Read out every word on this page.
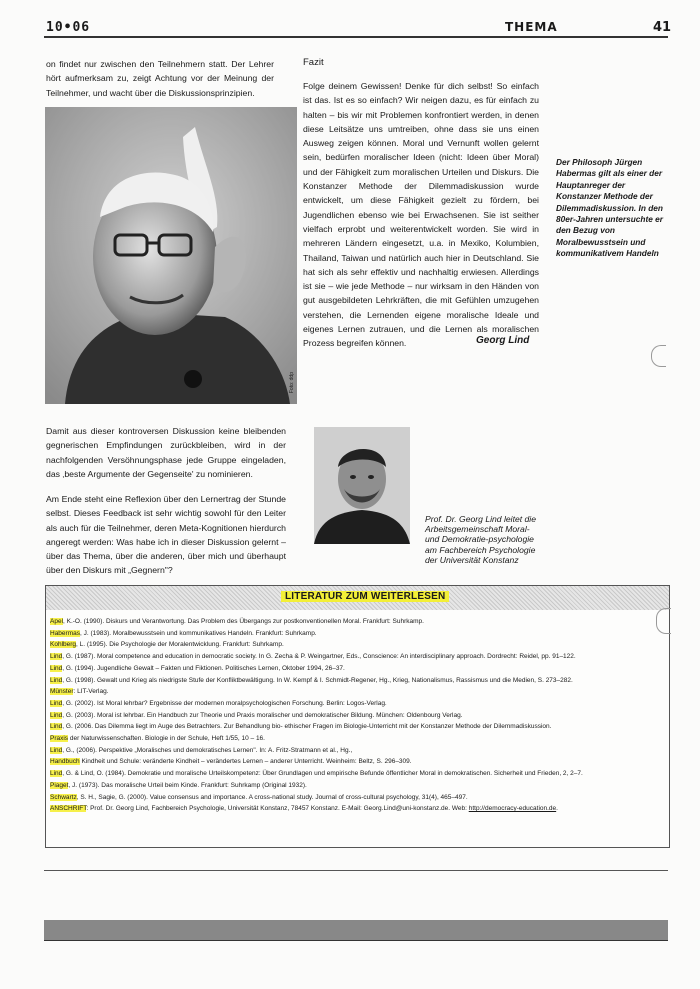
10•06	THEMA	41
on findet nur zwischen den Teilnehmern statt. Der Lehrer hört aufmerksam zu, zeigt Achtung vor der Meinung der Teilnehmer, und wacht über die Diskussionsprinzipien.
Foto: ddp
Fazit
Folge deinem Gewissen! Denke für dich selbst! So einfach ist das. Ist es so einfach? Wir neigen dazu, es für einfach zu halten – bis wir mit Problemen konfrontiert werden, in denen diese Leitsätze uns umtreiben, ohne dass sie uns einen Ausweg zeigen können. Moral und Vernunft wollen gelernt sein, bedürfen moralischer Ideen (nicht: Ideen über Moral) und der Fähigkeit zum moralischen Urteilen und Diskurs. Die Konstanzer Methode der Dilemmadiskussion wurde entwickelt, um diese Fähigkeit gezielt zu fördern, bei Jugendlichen ebenso wie bei Erwachsenen. Sie ist seither vielfach erprobt und weiterentwickelt worden. Sie wird in mehreren Ländern eingesetzt, u.a. in Mexiko, Kolumbien, Thailand, Taiwan und natürlich auch hier in Deutschland. Sie hat sich als sehr effektiv und nachhaltig erwiesen. Allerdings ist sie – wie jede Methode – nur wirksam in den Händen von gut ausgebildeten Lehrkräften, die mit Gefühlen umzugehen verstehen, die Lernenden eigene moralische Ideale und eigenes Lernen zutrauen, und die Lernen als moralischen Prozess begreifen können.	Georg Lind
Der Philosoph Jürgen Habermas gilt als einer der Hauptanreger der Konstanzer Methode der Dilemmadiskussion. In den 80er-Jahren untersuchte er den Bezug von Moralbewusstsein und kommunikativem Handeln
Damit aus dieser kontroversen Diskussion keine bleibenden gegnerischen Empfindungen zurückbleiben, wird in der nachfolgenden Versöhnungsphase jede Gruppe eingeladen, das ‚beste Argumente der Gegenseite' zu nominieren.
Am Ende steht eine Reflexion über den Lernertrag der Stunde selbst. Dieses Feedback ist sehr wichtig sowohl für den Leiter als auch für die Teilnehmer, deren Meta-Kognitionen hierdurch angeregt werden: Was habe ich in dieser Diskussion gelernt – über das Thema, über die anderen, über mich und überhaupt über den Diskurs mit „Gegnern"?
Prof. Dr. Georg Lind leitet die Arbeitsgemeinschaft Moral- und Demokratie-psychologie am Fachbereich Psychologie der Universität Konstanz
LITERATUR ZUM WEITERLESEN
Apel, K.-O. (1990). Diskurs und Verantwortung. Das Problem des Übergangs zur postkonventionellen Moral. Frankfurt: Suhrkamp.
Habermas, J. (1983). Moralbewusstsein und kommunikatives Handeln. Frankfurt: Suhrkamp.
Kohlberg, L. (1995). Die Psychologie der Moralentwicklung. Frankfurt: Suhrkamp.
Lind, G. (1987). Moral competence and education in democratic society. In G. Zecha & P. Weingartner, Eds., Conscience: An interdisciplinary approach. Dordrecht: Reidel, pp. 91–122.
Lind, G. (1994). Jugendliche Gewalt – Fakten und Fiktionen. Politisches Lernen, Oktober 1994, 26–37.
Lind, G. (1998). Gewalt und Krieg als niedrigste Stufe der Konfliktbewältigung. In W. Kempf & I. Schmidt-Regener, Hg., Krieg, Nationalismus, Rassismus und die Medien, S. 273–282.
Münster: LIT-Verlag.
Lind, G. (2002). Ist Moral lehrbar? Ergebnisse der modernen moralpsychologischen Forschung. Berlin: Logos-Verlag.
Lind, G. (2003). Moral ist lehrbar. Ein Handbuch zur Theorie und Praxis moralischer und demokratischer Bildung. München: Oldenbourg Verlag.
Lind, G. (2006. Das Dilemma liegt im Auge des Betrachters. Zur Behandlung bio- ethischer Fragen im Biologie-Unterricht mit der Konstanzer Methode der Dilemmadiskussion.
Praxis der Naturwissenschaften. Biologie in der Schule, Heft 1/55, 10 – 16.
Lind, G., (2006). Perspektive „Moralisches und demokratisches Lernen". In: A. Fritz-Stratmann et al., Hg.,
Handbuch Kindheit und Schule: veränderte Kindheit – verändertes Lernen – anderer Unterricht. Weinheim: Beltz, S. 296–309.
Lind, G. & Lind, O. (1984). Demokratie und moralische Urteilskompetenz: Über Grundlagen und empirische Befunde öffentlicher Moral in demokratischen. Sicherheit und Frieden, 2, 2–7.
Piaget, J. (1973). Das moralische Urteil beim Kinde. Frankfurt: Suhrkamp (Original 1932).
Schwartz, S. H., Sagie, G. (2000). Value consensus and importance. A cross-national study. Journal of cross-cultural psychology, 31(4), 465–497.
ANSCHRIFT: Prof. Dr. Georg Lind, Fachbereich Psychologie, Universität Konstanz, 78457 Konstanz. E-Mail: Georg.Lind@uni-konstanz.de. Web: http://democracy-education.de.
